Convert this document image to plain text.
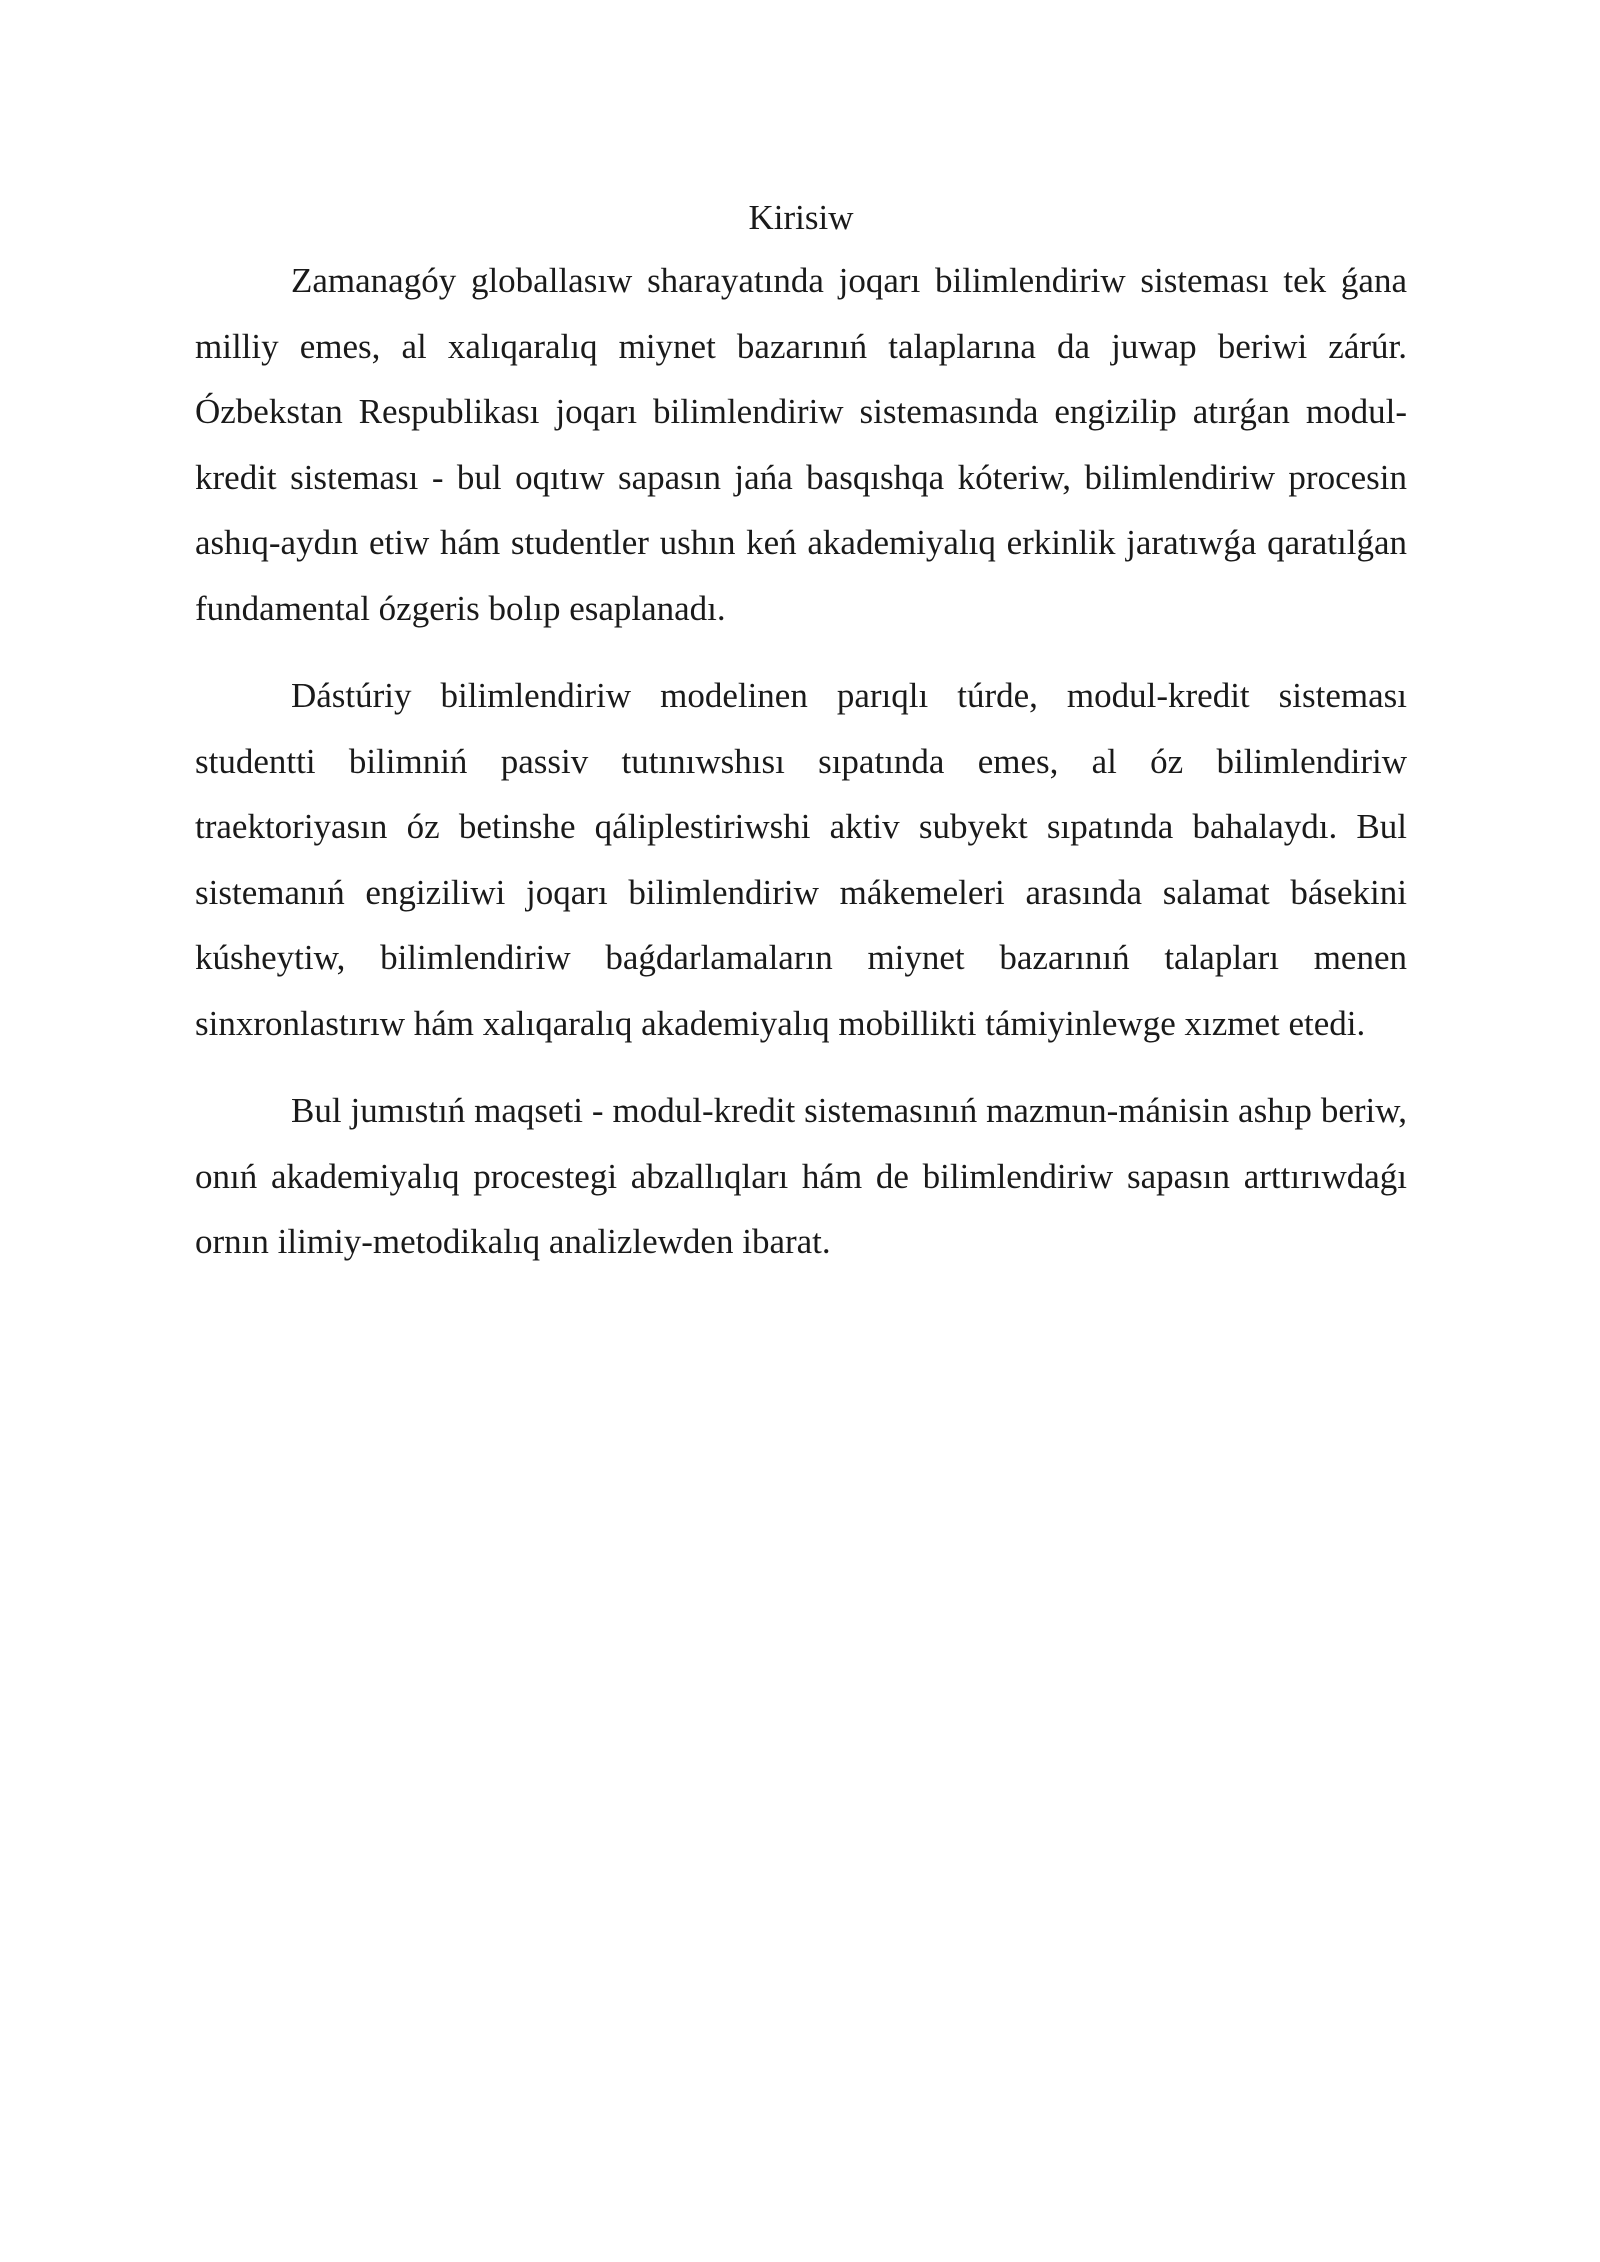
Kirisiw

Zamanagóy globallasıw sharayatında joqarı bilimlendiriw sisteması tek ǵana milliy emes, al xalıqaralıq miynet bazarınıń talaplarına da juwap beriwi zárúr. Ózbekstan Respublikası joqarı bilimlendiriw sistemasında engizilip atırǵan modul-kredit sisteması - bul oqıtıw sapasın jańa basqıshqa kóteriw, bilimlendiriw procesin ashıq-aydın etiw hám studentler ushın keń akademiyalıq erkinlik jaratıwǵa qaratılǵan fundamental ózgeris bolıp esaplanadı.

Dástúriy bilimlendiriw modelinen parıqlı túrde, modul-kredit sisteması studentti bilimniń passiv tutınıwshısı sıpatında emes, al óz bilimlendiriw traektoriyasın óz betinshe qáliplestiriwshi aktiv subyekt sıpatında bahalaydı. Bul sistemanıń engiziliwi joqarı bilimlendiriw mákemeleri arasında salamat básekini kúsheytiw, bilimlendiriw baǵdarlamaların miynet bazarınıń talapları menen sinxronlastırıw hám xalıqaralıq akademiyalıq mobillikti támiyinlewge xızmet etedi.

Bul jumıstıń maqseti - modul-kredit sistemasınıń mazmun-mánisin ashıp beriw, onıń akademiyalıq procestegi abzallıqları hám de bilimlendiriw sapasın arttırıwdaǵı ornın ilimiy-metodikalıq analizlewden ibarat.
